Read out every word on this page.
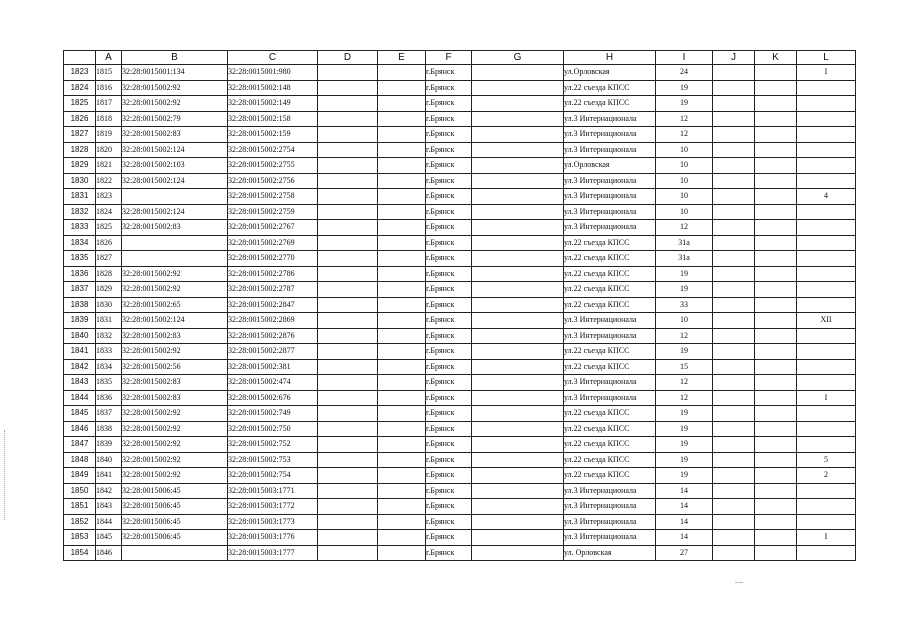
	A	B	C	D	E	F	G	H	I	J	K	L
1823	1815	32:28:0015001:134	32:28:0015001:980			г.Брянск		ул.Орловская	24			I
1824	1816	32:28:0015002:92	32:28:0015002:148			г.Брянск		ул.22 съезда КПСС	19			
1825	1817	32:28:0015002:92	32:28:0015002:149			г.Брянск		ул.22 съезда КПСС	19			
1826	1818	32:28:0015002:79	32:28:0015002:158			г.Брянск		ул.3 Интернационала	12			
1827	1819	32:28:0015002:83	32:28:0015002:159			г.Брянск		ул.3 Интернационала	12			
1828	1820	32:28:0015002:124	32:28:0015002:2754			г.Брянск		ул.3 Интернационала	10			
1829	1821	32:28:0015002:103	32:28:0015002:2755			г.Брянск		ул.Орловская	10			
1830	1822	32:28:0015002:124	32:28:0015002:2756			г.Брянск		ул.3 Интернационала	10			
1831	1823		32:28:0015002:2758			г.Брянск		ул.3 Интернационала	10			4
1832	1824	32:28:0015002:124	32:28:0015002:2759			г.Брянск		ул.3 Интернационала	10			
1833	1825	32:28:0015002:83	32:28:0015002:2767			г.Брянск		ул.3 Интернационала	12			
1834	1826		32:28:0015002:2769			г.Брянск		ул.22 съезда КПСС	31а			
1835	1827		32:28:0015002:2770			г.Брянск		ул.22 съезда КПСС	31а			
1836	1828	32:28:0015002:92	32:28:0015002:2786			г.Брянск		ул.22 съезда КПСС	19			
1837	1829	32:28:0015002:92	32:28:0015002:2787			г.Брянск		ул.22 съезда КПСС	19			
1838	1830	32:28:0015002:65	32:28:0015002:2847			г.Брянск		ул.22 съезда КПСС	33			
1839	1831	32:28:0015002:124	32:28:0015002:2869			г.Брянск		ул.3 Интернационала	10			XII
1840	1832	32:28:0015002:83	32:28:0015002:2876			г.Брянск		ул.3 Интернационала	12			
1841	1833	32:28:0015002:92	32:28:0015002:2877			г.Брянск		ул.22 съезда КПСС	19			
1842	1834	32:28:0015002:56	32:28:0015002:381			г.Брянск		ул.22 съезда КПСС	15			
1843	1835	32:28:0015002:83	32:28:0015002:474			г.Брянск		ул.3 Интернационала	12			
1844	1836	32:28:0015002:83	32:28:0015002:676			г.Брянск		ул.3 Интернационала	12			I
1845	1837	32:28:0015002:92	32:28:0015002:749			г.Брянск		ул.22 съезда КПСС	19			
1846	1838	32:28:0015002:92	32:28:0015002:750			г.Брянск		ул.22 съезда КПСС	19			
1847	1839	32:28:0015002:92	32:28:0015002:752			г.Брянск		ул.22 съезда КПСС	19			
1848	1840	32:28:0015002:92	32:28:0015002:753			г.Брянск		ул.22 съезда КПСС	19			5
1849	1841	32:28:0015002:92	32:28:0015002:754			г.Брянск		ул.22 съезда КПСС	19			2
1850	1842	32:28:0015006:45	32:28:0015003:1771			г.Брянск		ул.3 Интернационала	14			
1851	1843	32:28:0015006:45	32:28:0015003:1772			г.Брянск		ул.3 Интернационала	14			
1852	1844	32:28:0015006:45	32:28:0015003:1773			г.Брянск		ул.3 Интернационала	14			
1853	1845	32:28:0015006:45	32:28:0015003:1776			г.Брянск		ул.3 Интернационала	14			I
1854	1846		32:28:0015003:1777			г.Брянск		ул. Орловская	27			
